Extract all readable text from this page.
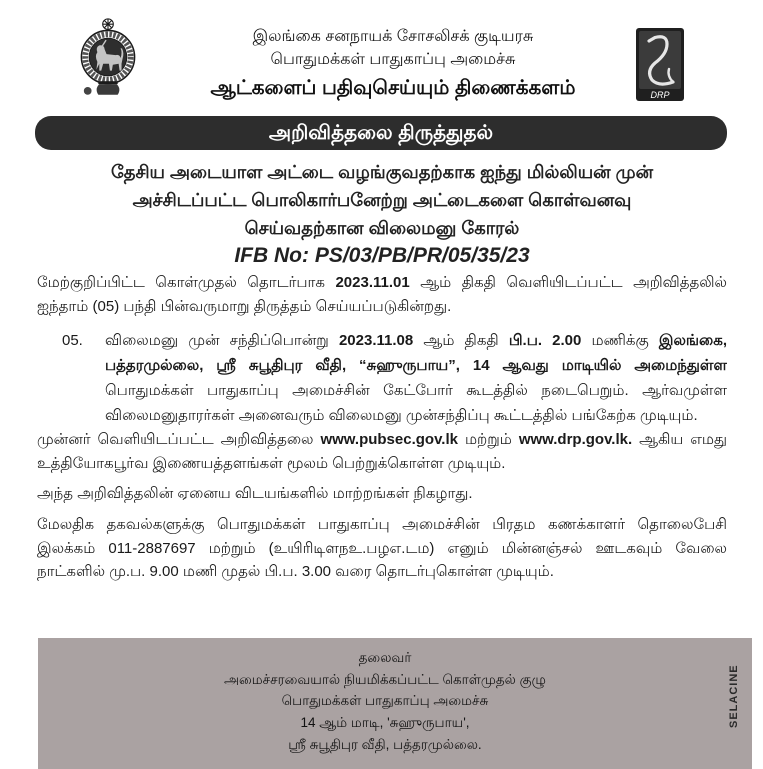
இலங்கை சனநாயக் சோசலிசக் குடியரசு
பொதுமக்கள் பாதுகாப்பு அமைச்சு
ஆட்களைப் பதிவுசெய்யும் திணைக்களம்	DRP
அறிவித்தலை திருத்துதல்
தேசிய அடையாள அட்டை வழங்குவதற்காக ஐந்து மில்லியன் முன்
அச்சிடப்பட்ட பொலிகார்பனேற்று அட்டைகளை கொள்வனவு
செய்வதற்கான விலைமனு கோரல்
IFB No: PS/03/PB/PR/05/35/23

மேற்குறிப்பிட்ட கொள்முதல் தொடர்பாக 2023.11.01 ஆம் திகதி வெளியிடப்பட்ட அறிவித்தலில் ஐந்தாம் (05) பந்தி பின்வருமாறு திருத்தம் செய்யப்படுகின்றது.

05.	விலைமனு முன் சந்திப்பொன்று 2023.11.08 ஆம் திகதி பி.ப. 2.00 மணிக்கு இலங்கை, பத்தரமுல்லை, ஸ்ரீ சுபூதிபுர வீதி, “சுஹுருபாய”, 14 ஆவது மாடியில் அமைந்துள்ள பொதுமக்கள் பாதுகாப்பு அமைச்சின் கேட்போர் கூடத்தில் நடைபெறும். ஆர்வமுள்ள விலைமனுதாரர்கள் அனைவரும் விலைமனு முன்சந்திப்பு கூட்டத்தில் பங்கேற்க முடியும்.

முன்னர் வெளியிடப்பட்ட அறிவித்தலை www.pubsec.gov.lk மற்றும் www.drp.gov.lk. ஆகிய எமது உத்தியோகபூர்வ இணையத்தளங்கள் மூலம் பெற்றுக்கொள்ள முடியும்.

அந்த அறிவித்தலின் ஏனைய விடயங்களில் மாற்றங்கள் நிகழாது.

மேலதிக தகவல்களுக்கு பொதுமக்கள் பாதுகாப்பு அமைச்சின் பிரதம கணக்காளர் தொலைபேசி இலக்கம் 011-2887697 மற்றும் (உயிரிடிளநஉ.பழஎ.டம) எனும் மின்னஞ்சல் ஊடகவும் வேலை நாட்களில் மு.ப. 9.00 மணி முதல் பி.ப. 3.00 வரை தொடர்புகொள்ள முடியும்.

தலைவர்
அமைச்சரவையால் நியமிக்கப்பட்ட கொள்முதல் குழு
பொதுமக்கள் பாதுகாப்பு அமைச்சு
14 ஆம் மாடி, 'சுஹுருபாய',
ஸ்ரீ சுபூதிபுர வீதி, பத்தரமுல்லை.
SELACINE
